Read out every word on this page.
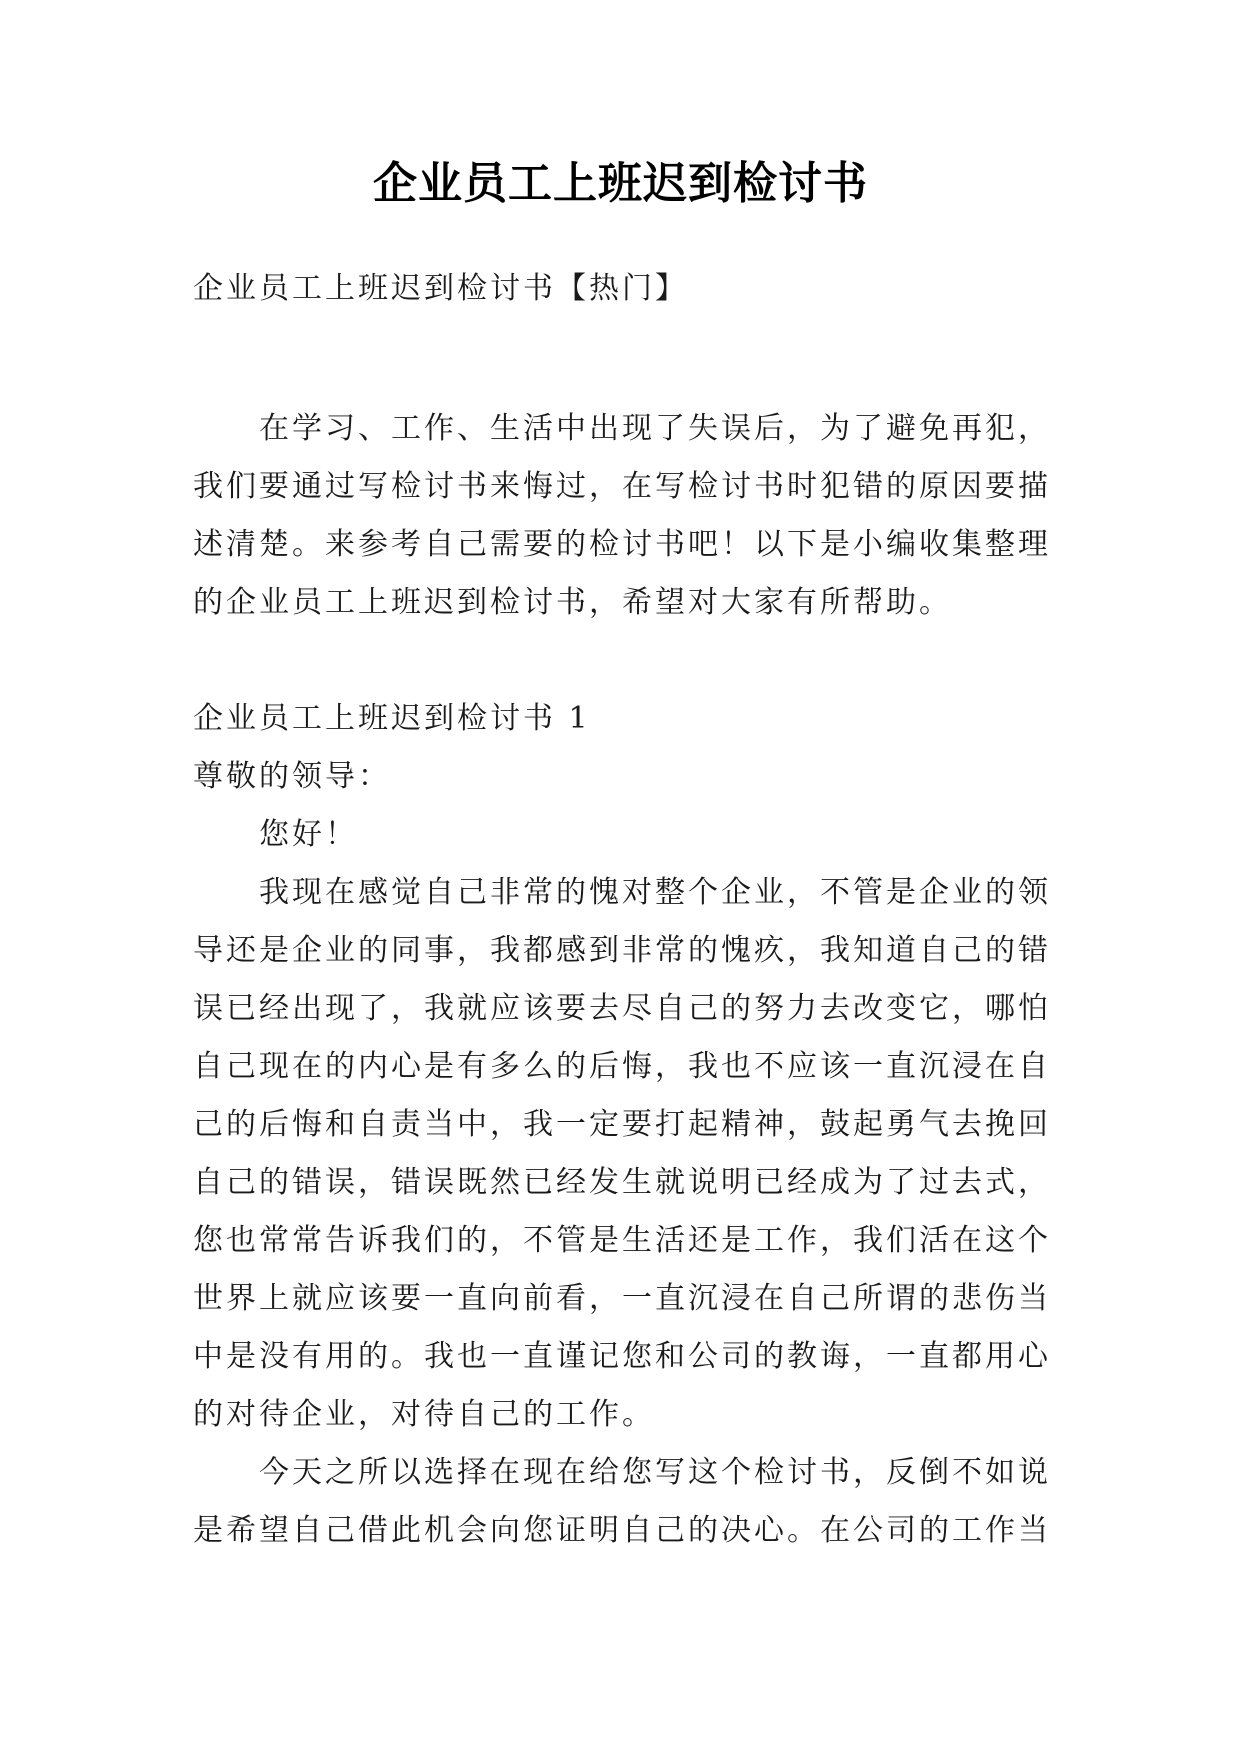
企业员工上班迟到检讨书
企业员工上班迟到检讨书【热门】
在学习、工作、生活中出现了失误后，为了避免再犯，
我们要通过写检讨书来悔过，在写检讨书时犯错的原因要描
述清楚。来参考自己需要的检讨书吧！以下是小编收集整理
的企业员工上班迟到检讨书，希望对大家有所帮助。
企业员工上班迟到检讨书 1
尊敬的领导：
您好！
我现在感觉自己非常的愧对整个企业，不管是企业的领
导还是企业的同事，我都感到非常的愧疚，我知道自己的错
误已经出现了，我就应该要去尽自己的努力去改变它，哪怕
自己现在的内心是有多么的后悔，我也不应该一直沉浸在自
己的后悔和自责当中，我一定要打起精神，鼓起勇气去挽回
自己的错误，错误既然已经发生就说明已经成为了过去式，
您也常常告诉我们的，不管是生活还是工作，我们活在这个
世界上就应该要一直向前看，一直沉浸在自己所谓的悲伤当
中是没有用的。我也一直谨记您和公司的教诲，一直都用心
的对待企业，对待自己的工作。
今天之所以选择在现在给您写这个检讨书，反倒不如说
是希望自己借此机会向您证明自己的决心。在公司的工作当
